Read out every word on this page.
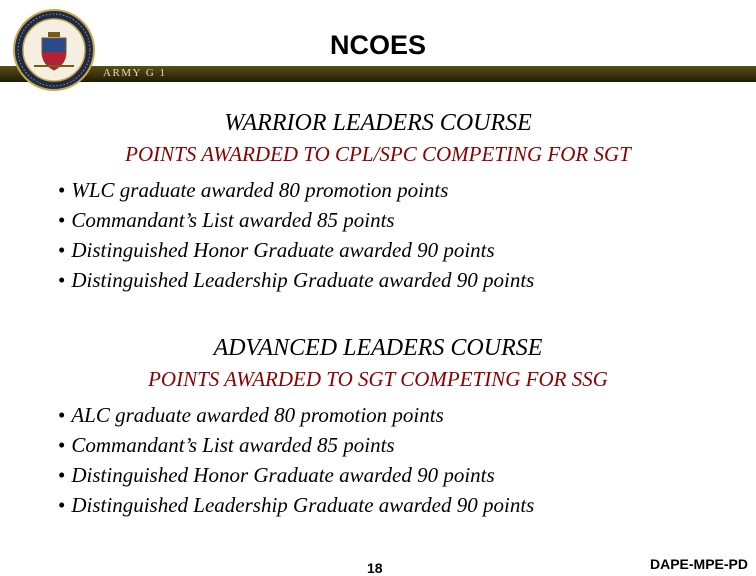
ARMY G 1
NCOES
WARRIOR LEADERS COURSE
POINTS AWARDED TO CPL/SPC COMPETING FOR SGT
• WLC graduate awarded 80 promotion points
• Commandant’s List awarded 85 points
• Distinguished Honor Graduate awarded 90 points
• Distinguished Leadership Graduate awarded 90 points
ADVANCED LEADERS COURSE
POINTS AWARDED TO SGT COMPETING FOR SSG
• ALC graduate awarded 80 promotion points
• Commandant’s List awarded 85 points
• Distinguished Honor Graduate awarded 90 points
• Distinguished Leadership Graduate awarded 90 points
18	DAPE-MPE-PD
